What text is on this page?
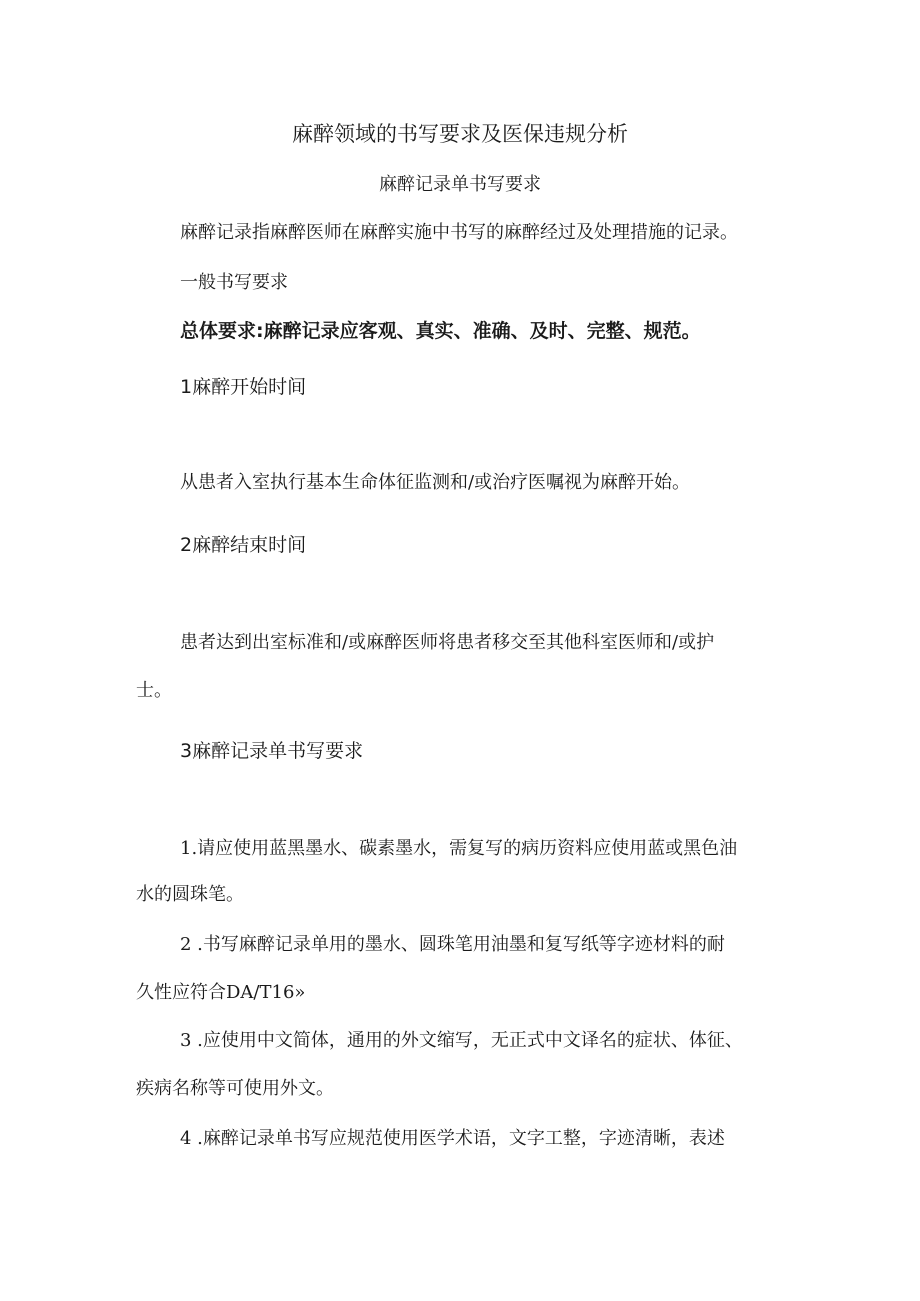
麻醉领域的书写要求及医保违规分析

麻醉记录单书写要求

麻醉记录指麻醉医师在麻醉实施中书写的麻醉经过及处理措施的记录。

一般书写要求

总体要求:麻醉记录应客观、真实、准确、及时、完整、规范。

1麻醉开始时间

从患者入室执行基本生命体征监测和/或治疗医嘱视为麻醉开始。

2麻醉结束时间

患者达到出室标准和/或麻醉医师将患者移交至其他科室医师和/或护

士。

3麻醉记录单书写要求

1.请应使用蓝黑墨水、碳素墨水，需复写的病历资料应使用蓝或黑色油

水的圆珠笔。

2 .书写麻醉记录单用的墨水、圆珠笔用油墨和复写纸等字迹材料的耐

久性应符合DA/T16»

3 .应使用中文简体，通用的外文缩写，无正式中文译名的症状、体征、

疾病名称等可使用外文。

4 .麻醉记录单书写应规范使用医学术语，文字工整，字迹清晰，表述
